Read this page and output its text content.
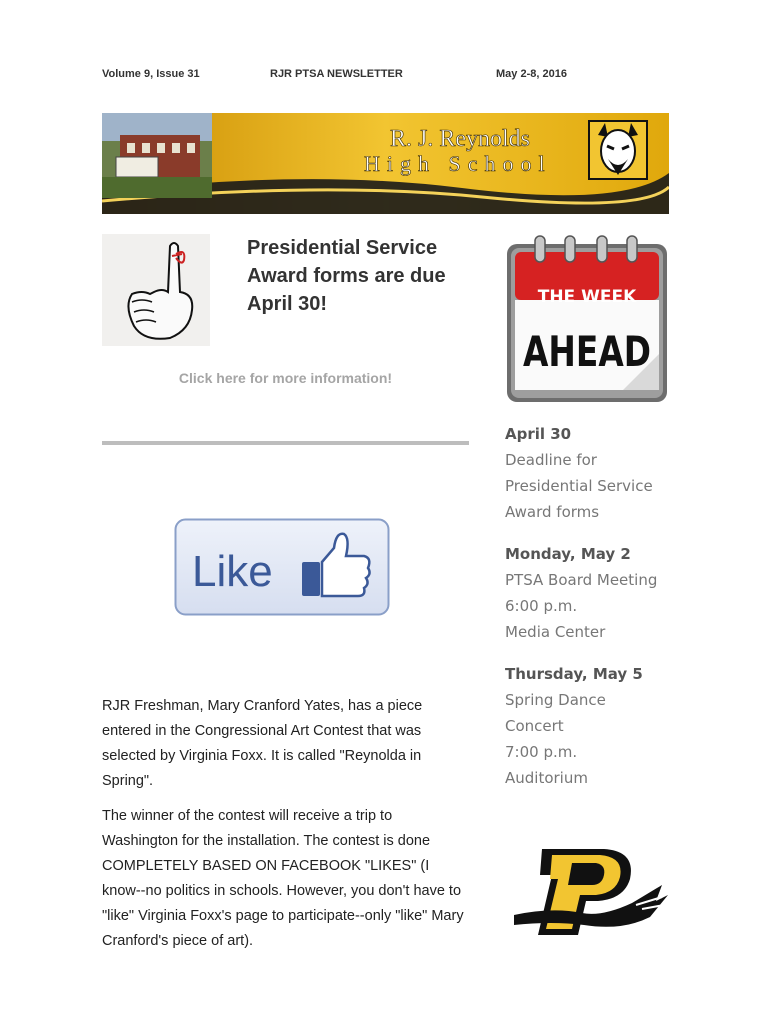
Volume 9, Issue 31	RJR PTSA NEWSLETTER	May 2-8, 2016
R. J. Reynolds
High School
Presidential Service Award forms are due April 30!
Click here for more information!
Like
RJR Freshman, Mary Cranford Yates, has a piece entered in the Congressional Art Contest that was selected by Virginia Foxx. It is called "Reynolda in Spring".
The winner of the contest will receive a trip to Washington for the installation. The contest is done COMPLETELY BASED ON FACEBOOK "LIKES" (I know--no politics in schools. However, you don't have to "like" Virginia Foxx's page to participate--only "like" Mary Cranford's piece of art).
THE WEEK
AHEAD
April 30
Deadline for
Presidential Service
Award forms
Monday, May 2
PTSA Board Meeting
6:00 p.m.
Media Center
Thursday, May 5
Spring Dance
Concert
7:00 p.m.
Auditorium
